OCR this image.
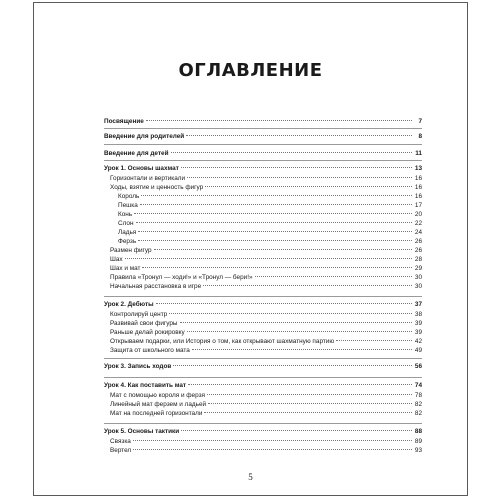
ОГЛАВЛЕНИЕ
Посвящение	7
Введение для родителей	8
Введение для детей	11
Урок 1. Основы шахмат	13
Горизонтали и вертикали	16
Ходы, взятие и ценность фигур	16
Король	16
Пешка	17
Конь	20
Слон	22
Ладья	24
Ферзь	26
Размен фигур	26
Шах	28
Шах и мат	29
Правила «Тронул — ходи!» и «Тронул — бери!»	30
Начальная расстановка в игре	30
Урок 2. Дебюты	37
Контролируй центр	38
Развивай свои фигуры	39
Раньше делай рокировку	39
Открываем подарки, или История о том, как открывают шахматную партию	42
Защита от школьного мата	49
Урок 3. Запись ходов	56
Урок 4. Как поставить мат	74
Мат с помощью короля и ферзя	78
Линейный мат ферзем и ладьей	82
Мат на последней горизонтали	82
Урок 5. Основы тактики	88
Связка	89
Вертел	93
5
